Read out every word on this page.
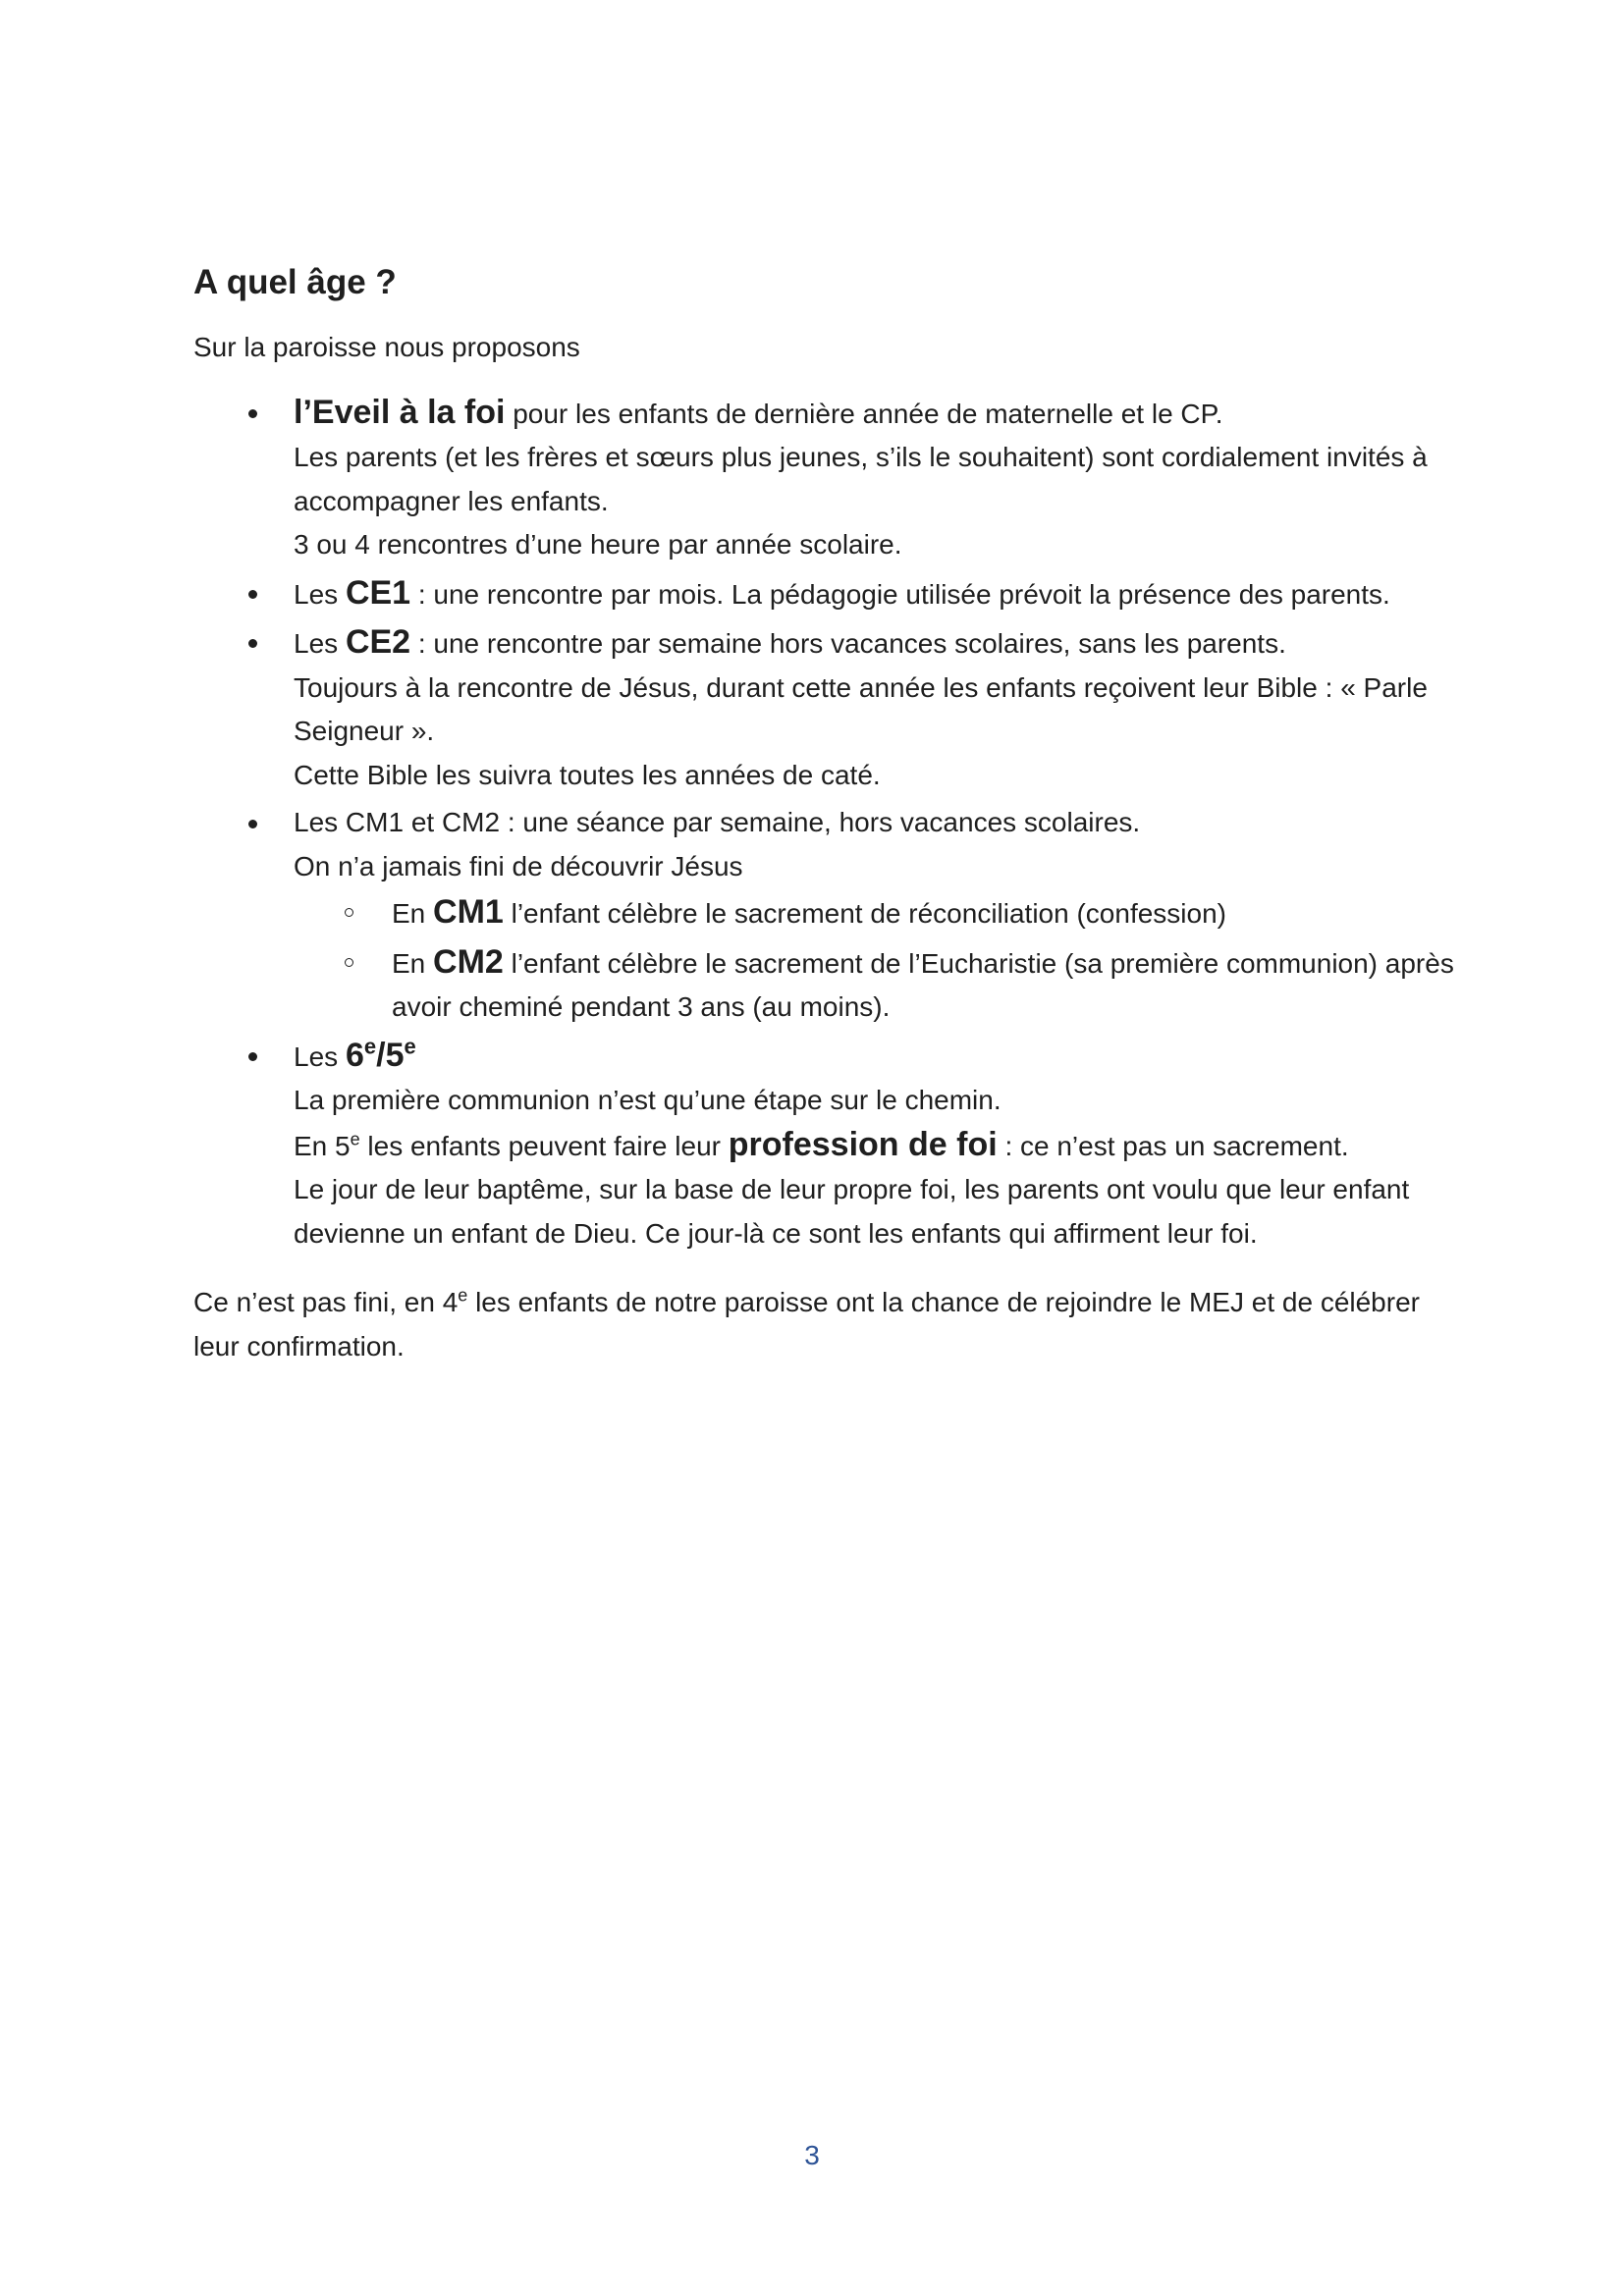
A quel âge ?

Sur la paroisse nous proposons

l’Eveil à la foi pour les enfants de dernière année de maternelle et le CP.
Les parents (et les frères et sœurs plus jeunes, s’ils le souhaitent) sont cordialement invités à accompagner les enfants.
3 ou 4 rencontres d’une heure par année scolaire.
Les CE1 : une rencontre par mois. La pédagogie utilisée prévoit la présence des parents.
Les CE2 : une rencontre par semaine hors vacances scolaires, sans les parents.
Toujours à la rencontre de Jésus, durant cette année les enfants reçoivent leur Bible : « Parle Seigneur ».
Cette Bible les suivra toutes les années de caté.
Les CM1 et CM2 : une séance par semaine, hors vacances scolaires.
On n’a jamais fini de découvrir Jésus
En CM1 l’enfant célèbre le sacrement de réconciliation (confession)
En CM2 l’enfant célèbre le sacrement de l’Eucharistie (sa première communion) après avoir cheminé pendant 3 ans (au moins).
Les 6e/5e
La première communion n’est qu’une étape sur le chemin.
En 5e les enfants peuvent faire leur profession de foi : ce n’est pas un sacrement.
Le jour de leur baptême, sur la base de leur propre foi, les parents ont voulu que leur enfant devienne un enfant de Dieu. Ce jour-là ce sont les enfants qui affirment leur foi.

Ce n’est pas fini, en 4e les enfants de notre paroisse ont la chance de rejoindre le MEJ et de célébrer leur confirmation.

3
